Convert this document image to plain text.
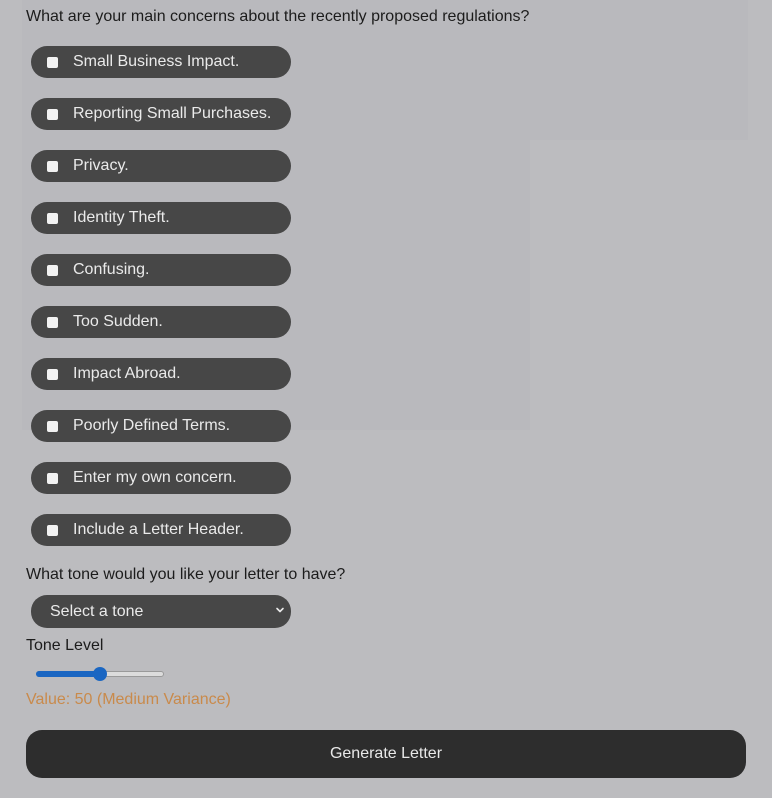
What are your main concerns about the recently proposed regulations?
Small Business Impact.
Reporting Small Purchases.
Privacy.
Identity Theft.
Confusing.
Too Sudden.
Impact Abroad.
Poorly Defined Terms.
Enter my own concern.
Include a Letter Header.
What tone would you like your letter to have?
Select a tone
Tone Level
Value: 50 (Medium Variance)
Generate Letter
